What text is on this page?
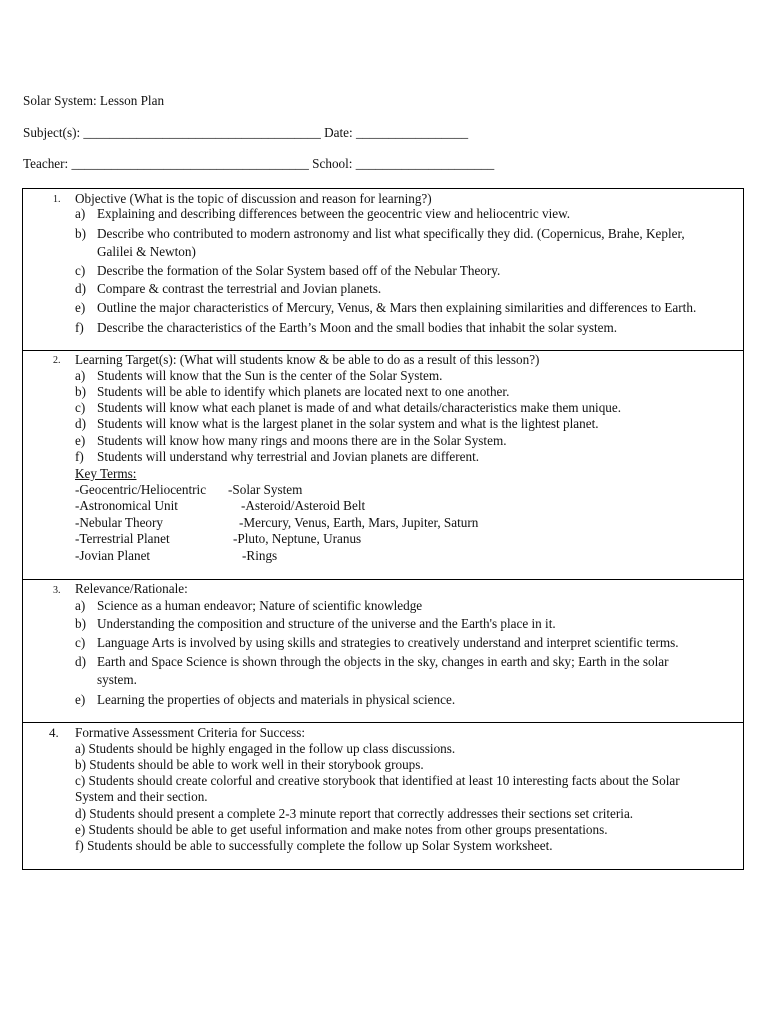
Solar System: Lesson Plan
Subject(s): ____________________________________ Date: _________________
Teacher: ____________________________________ School: _____________________
1. Objective (What is the topic of discussion and reason for learning?)
a) Explaining and describing differences between the geocentric view and heliocentric view.
b) Describe who contributed to modern astronomy and list what specifically they did. (Copernicus, Brahe, Kepler,
Galilei & Newton)
c) Describe the formation of the Solar System based off of the Nebular Theory.
d) Compare & contrast the terrestrial and Jovian planets.
e) Outline the major characteristics of Mercury, Venus, & Mars then explaining similarities and differences to Earth.
f) Describe the characteristics of the Earth’s Moon and the small bodies that inhabit the solar system.
2. Learning Target(s): (What will students know & be able to do as a result of this lesson?)
a) Students will know that the Sun is the center of the Solar System.
b) Students will be able to identify which planets are located next to one another.
c) Students will know what each planet is made of and what details/characteristics make them unique.
d) Students will know what is the largest planet in the solar system and what is the lightest planet.
e) Students will know how many rings and moons there are in the Solar System.
f) Students will understand why terrestrial and Jovian planets are different.
Key Terms:
-Geocentric/Heliocentric -Solar System
-Astronomical Unit	-Asteroid/Asteroid Belt
-Nebular Theory	-Mercury, Venus, Earth, Mars, Jupiter, Saturn
-Terrestrial Planet	-Pluto, Neptune, Uranus
-Jovian Planet	-Rings
3. Relevance/Rationale:
a) Science as a human endeavor; Nature of scientific knowledge
b) Understanding the composition and structure of the universe and the Earth's place in it.
c) Language Arts is involved by using skills and strategies to creatively understand and interpret scientific terms.
d) Earth and Space Science is shown through the objects in the sky, changes in earth and sky; Earth in the solar
system.
e) Learning the properties of objects and materials in physical science.
4. Formative Assessment Criteria for Success:
a) Students should be highly engaged in the follow up class discussions.
b) Students should be able to work well in their storybook groups.
c) Students should create colorful and creative storybook that identified at least 10 interesting facts about the Solar
System and their section.
d) Students should present a complete 2-3 minute report that correctly addresses their sections set criteria.
e) Students should be able to get useful information and make notes from other groups presentations.
f) Students should be able to successfully complete the follow up Solar System worksheet.
